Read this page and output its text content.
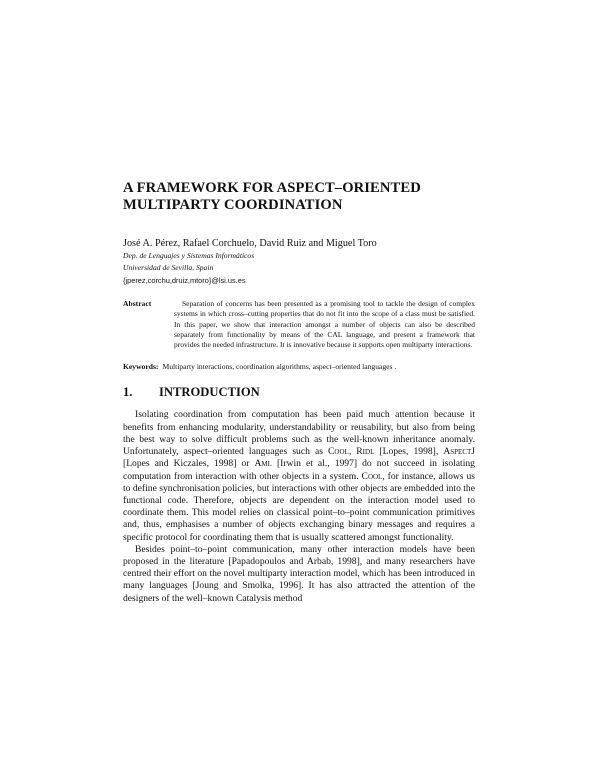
A FRAMEWORK FOR ASPECT–ORIENTED
MULTIPARTY COORDINATION
José A. Pérez, Rafael Corchuelo, David Ruiz and Miguel Toro
Dep. de Lenguajes y Sistemas Informáticos
Universidad de Sevilla, Spain
{jperez,corchu,druiz,mtoro}@lsi.us.es
Abstract	Separation of concerns has been presented as a promising tool to tackle the design of complex systems in which cross–cutting properties that do not fit into the scope of a class must be satisfied. In this paper, we show that interaction amongst a number of objects can also be described separately from functionality by means of the CAL language, and present a framework that provides the needed infrastructure. It is innovative because it supports open multiparty interactions.
Keywords: Multiparty interactions, coordination algorithms, aspect–oriented languages .
1.	INTRODUCTION

Isolating coordination from computation has been paid much attention because it benefits from enhancing modularity, understandability or reusability, but also from being the best way to solve difficult problems such as the well-known inheritance anomaly. Unfortunately, aspect–oriented languages such as Cool, Ridl [Lopes, 1998], AspectJ [Lopes and Kiczales, 1998] or Aml [Irwin et al., 1997] do not succeed in isolating computation from interaction with other objects in a system. Cool, for instance, allows us to define synchronisation policies, but interactions with other objects are embedded into the functional code. Therefore, objects are dependent on the interaction model used to coordinate them. This model relies on classical point–to–point communication primitives and, thus, emphasises a number of objects exchanging binary messages and requires a specific protocol for coordinating them that is usually scattered amongst functionality.

Besides point–to–point communication, many other interaction models have been proposed in the literature [Papadopoulos and Arbab, 1998], and many researchers have centred their effort on the novel multiparty interaction model, which has been introduced in many languages [Joung and Smolka, 1996]. It has also attracted the attention of the designers of the well–known Catalysis method
